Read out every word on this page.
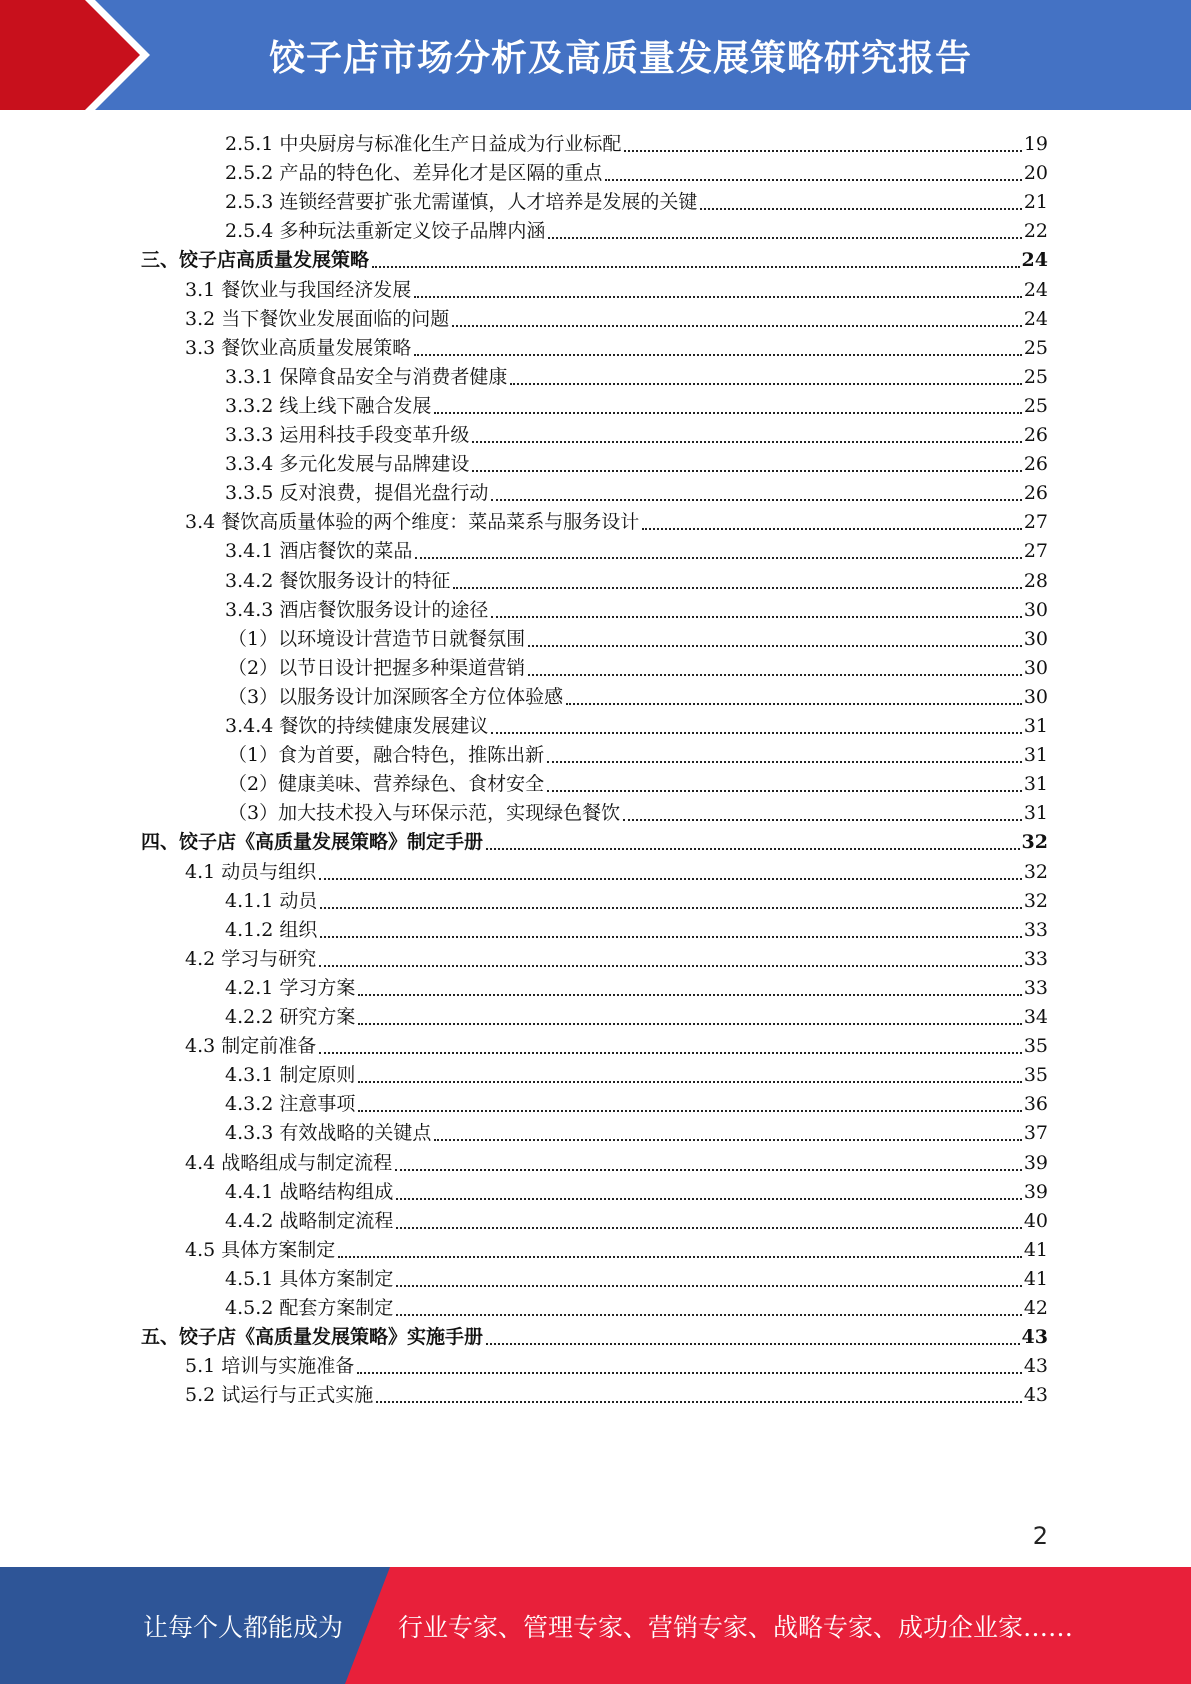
饺子店市场分析及高质量发展策略研究报告
2.5.1 中央厨房与标准化生产日益成为行业标配	19
2.5.2 产品的特色化、差异化才是区隔的重点	20
2.5.3 连锁经营要扩张尤需谨慎，人才培养是发展的关键	21
2.5.4 多种玩法重新定义饺子品牌内涵	22
三、饺子店高质量发展策略	24
3.1 餐饮业与我国经济发展	24
3.2 当下餐饮业发展面临的问题	24
3.3 餐饮业高质量发展策略	25
3.3.1 保障食品安全与消费者健康	25
3.3.2 线上线下融合发展	25
3.3.3 运用科技手段变革升级	26
3.3.4 多元化发展与品牌建设	26
3.3.5 反对浪费，提倡光盘行动	26
3.4 餐饮高质量体验的两个维度：菜品菜系与服务设计	27
3.4.1 酒店餐饮的菜品	27
3.4.2 餐饮服务设计的特征	28
3.4.3 酒店餐饮服务设计的途径	30
（1）以环境设计营造节日就餐氛围	30
（2）以节日设计把握多种渠道营销	30
（3）以服务设计加深顾客全方位体验感	30
3.4.4 餐饮的持续健康发展建议	31
（1）食为首要，融合特色，推陈出新	31
（2）健康美味、营养绿色、食材安全	31
（3）加大技术投入与环保示范，实现绿色餐饮	31
四、饺子店《高质量发展策略》制定手册	32
4.1 动员与组织	32
4.1.1 动员	32
4.1.2 组织	33
4.2 学习与研究	33
4.2.1 学习方案	33
4.2.2 研究方案	34
4.3 制定前准备	35
4.3.1 制定原则	35
4.3.2 注意事项	36
4.3.3 有效战略的关键点	37
4.4 战略组成与制定流程	39
4.4.1 战略结构组成	39
4.4.2 战略制定流程	40
4.5 具体方案制定	41
4.5.1 具体方案制定	41
4.5.2 配套方案制定	42
五、饺子店《高质量发展策略》实施手册	43
5.1 培训与实施准备	43
5.2 试运行与正式实施	43
2
让每个人都能成为 行业专家、管理专家、营销专家、战略专家、成功企业家……
